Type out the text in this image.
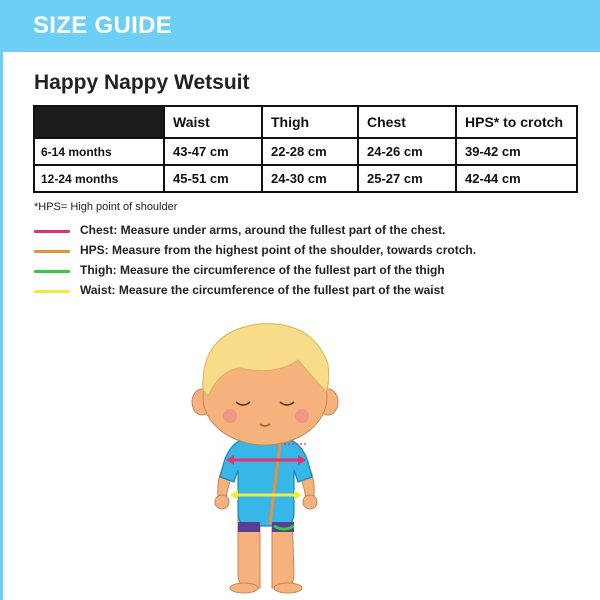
SIZE GUIDE
Happy Nappy Wetsuit
	Waist	Thigh	Chest	HPS* to crotch
6-14 months	43-47 cm	22-28 cm	24-26 cm	39-42 cm
12-24 months	45-51 cm	24-30 cm	25-27 cm	42-44 cm
*HPS= High point of shoulder
Chest: Measure under arms, around the fullest part of the chest.
HPS: Measure from the highest point of the shoulder, towards crotch.
Thigh: Measure the circumference of the fullest part of the thigh
Waist: Measure the circumference of the fullest part of the waist
